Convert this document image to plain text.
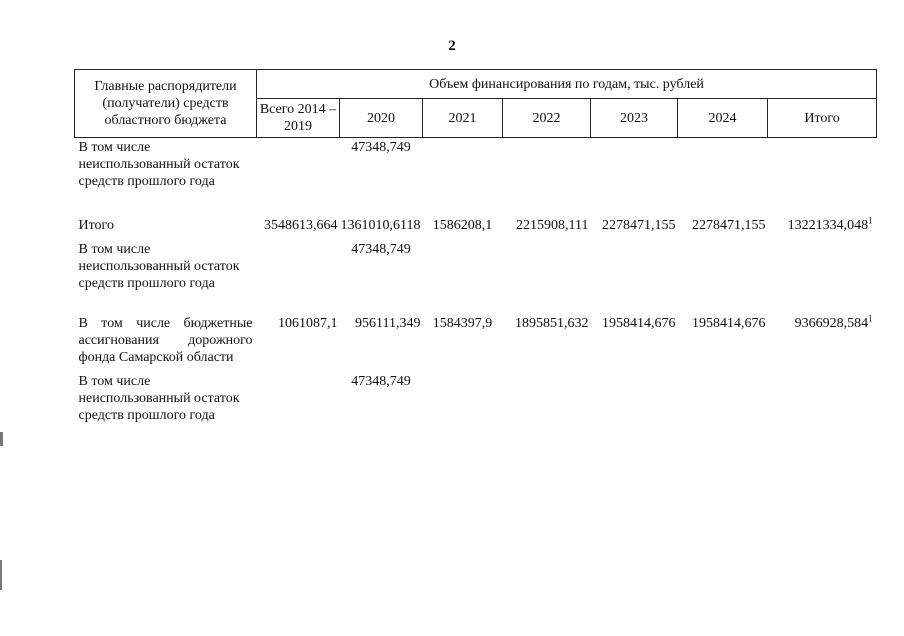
2
Главные распорядители (получатели) средств областного бюджета	Объем финансирования по годам, тыс. рублей						
	Всего 2014 – 2019	2020	2021	2022	2023	2024	Итого
В том числе неиспользованный остаток средств прошлого года		47348,749					
Итого	3548613,664	1361010,6118	1586208,1	2215908,111	2278471,155	2278471,155	13221334,048$^1$
В том числе неиспользованный остаток средств прошлого года		47348,749					
В том числе бюджетные ассигнования дорожного фонда Самарской области	1061087,1	956111,349	1584397,9	1895851,632	1958414,676	1958414,676	9366928,584$^1$
В том числе неиспользованный остаток средств прошлого года		47348,749					
